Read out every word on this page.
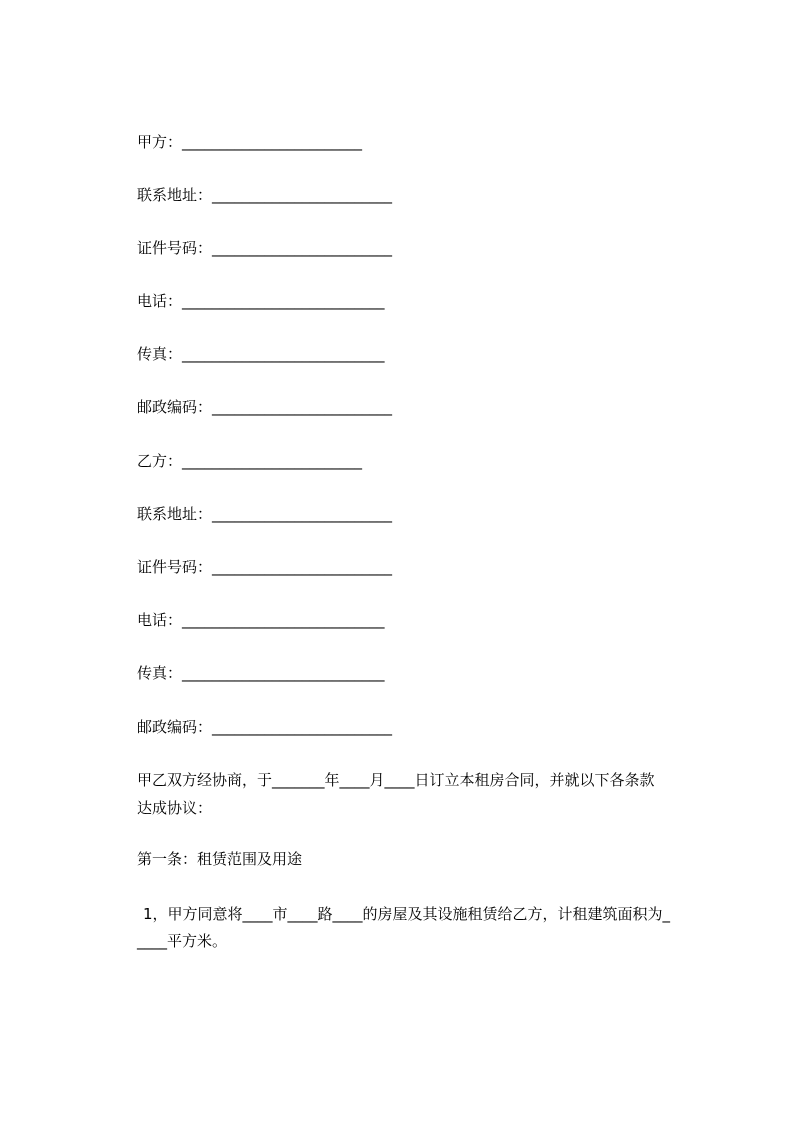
甲方：________________________
联系地址：________________________
证件号码：________________________
电话：___________________________
传真：___________________________
邮政编码：________________________
乙方：________________________
联系地址：________________________
证件号码：________________________
电话：___________________________
传真：___________________________
邮政编码：________________________
甲乙双方经协商，于_______年____月____日订立本租房合同，并就以下各条款
达成协议：
第一条：租赁范围及用途
1，甲方同意将____市____路____的房屋及其设施租赁给乙方，计租建筑面积为_
____平方米。
